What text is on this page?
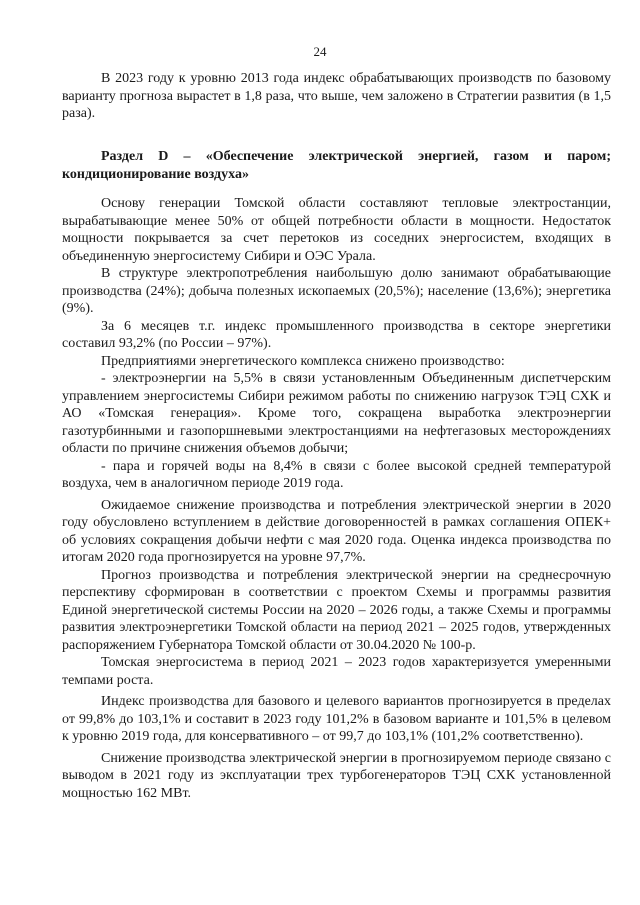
24

В 2023 году к уровню 2013 года индекс обрабатывающих производств по базовому варианту прогноза вырастет в 1,8 раза, что выше, чем заложено в Стратегии развития (в 1,5 раза).

Раздел D – «Обеспечение электрической энергией, газом и паром; кондиционирование воздуха»

Основу генерации Томской области составляют тепловые электростанции, вырабатывающие менее 50% от общей потребности области в мощности. Недостаток мощности покрывается за счет перетоков из соседних энергосистем, входящих в объединенную энергосистему Сибири и ОЭС Урала.

В структуре электропотребления наибольшую долю занимают обрабатывающие производства (24%); добыча полезных ископаемых (20,5%); население (13,6%); энергетика (9%).

За 6 месяцев т.г. индекс промышленного производства в секторе энергетики составил 93,2% (по России – 97%).

Предприятиями энергетического комплекса снижено производство:

- электроэнергии на 5,5% в связи установленным Объединенным диспетчерским управлением энергосистемы Сибири режимом работы по снижению нагрузок ТЭЦ СХК и АО «Томская генерация». Кроме того, сокращена выработка электроэнергии газотурбинными и газопоршневыми электростанциями на нефтегазовых месторождениях области по причине снижения объемов добычи;

- пара и горячей воды на 8,4% в связи с более высокой средней температурой воздуха, чем в аналогичном периоде 2019 года.

Ожидаемое снижение производства и потребления электрической энергии в 2020 году обусловлено вступлением в действие договоренностей в рамках соглашения ОПЕК+ об условиях сокращения добычи нефти с мая 2020 года. Оценка индекса производства по итогам 2020 года прогнозируется на уровне 97,7%.

Прогноз производства и потребления электрической энергии на среднесрочную перспективу сформирован в соответствии с проектом Схемы и программы развития Единой энергетической системы России на 2020 – 2026 годы, а также Схемы и программы развития электроэнергетики Томской области на период 2021 – 2025 годов, утвержденных распоряжением Губернатора Томской области от 30.04.2020 № 100-р.

Томская энергосистема в период 2021 – 2023 годов характеризуется умеренными темпами роста.

Индекс производства для базового и целевого вариантов прогнозируется в пределах от 99,8% до 103,1% и составит в 2023 году 101,2% в базовом варианте и 101,5% в целевом к уровню 2019 года, для консервативного – от 99,7 до 103,1% (101,2% соответственно).

Снижение производства электрической энергии в прогнозируемом периоде связано с выводом в 2021 году из эксплуатации трех турбогенераторов ТЭЦ СХК установленной мощностью 162 МВт.
